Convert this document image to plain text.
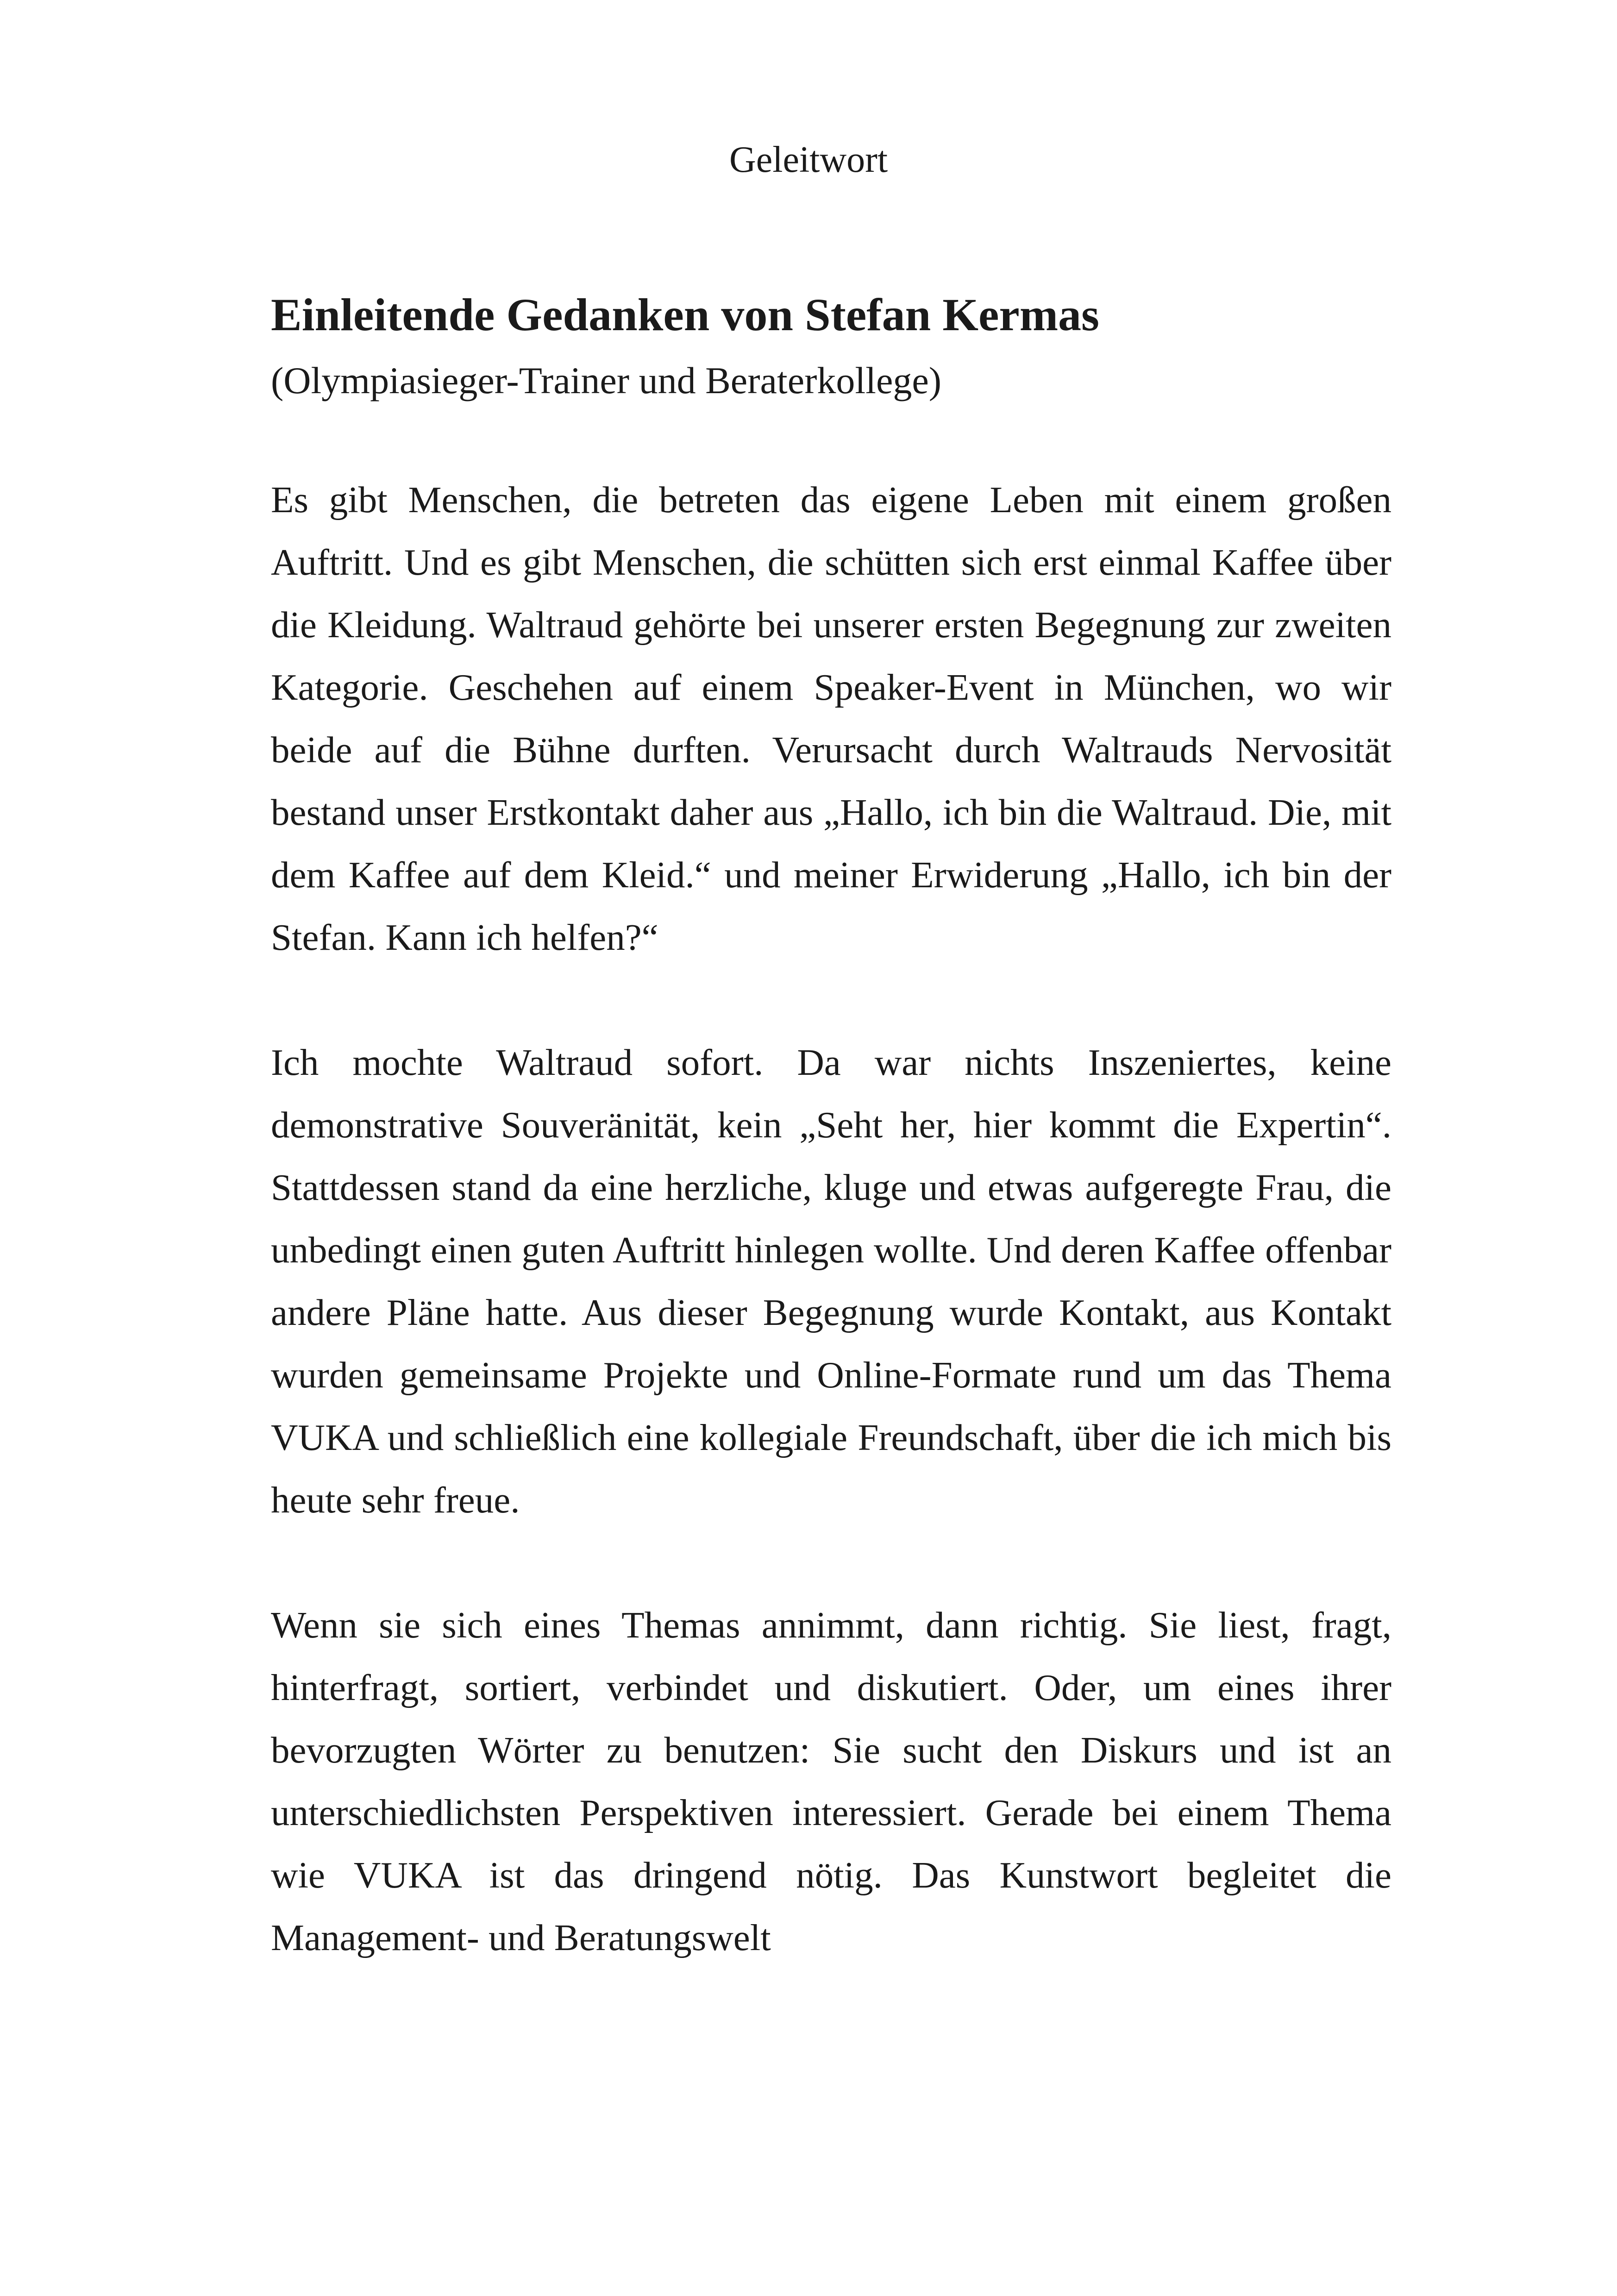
Geleitwort
Einleitende Gedanken von Stefan Kermas
(Olympiasieger-Trainer und Beraterkollege)

Es gibt Menschen, die betreten das eigene Leben mit einem großen Auftritt. Und es gibt Menschen, die schütten sich erst einmal Kaffee über die Kleidung. Waltraud gehörte bei unserer ersten Begegnung zur zweiten Kategorie. Geschehen auf einem Speaker-Event in München, wo wir beide auf die Bühne durften. Verursacht durch Waltrauds Nervosität bestand unser Erstkontakt daher aus „Hallo, ich bin die Waltraud. Die, mit dem Kaffee auf dem Kleid.“ und meiner Erwiderung „Hallo, ich bin der Stefan. Kann ich helfen?“

Ich mochte Waltraud sofort. Da war nichts Inszeniertes, keine demonstrative Souveränität, kein „Seht her, hier kommt die Expertin“. Stattdessen stand da eine herzliche, kluge und etwas aufgeregte Frau, die unbedingt einen guten Auftritt hinlegen wollte. Und deren Kaffee offenbar andere Pläne hatte. Aus dieser Begegnung wurde Kontakt, aus Kontakt wurden gemeinsame Projekte und Online-Formate rund um das Thema VUKA und schließlich eine kollegiale Freundschaft, über die ich mich bis heute sehr freue.

Wenn sie sich eines Themas annimmt, dann richtig. Sie liest, fragt, hinterfragt, sortiert, verbindet und diskutiert. Oder, um eines ihrer bevorzugten Wörter zu benutzen: Sie sucht den Diskurs und ist an unterschiedlichsten Perspektiven interessiert. Gerade bei einem Thema wie VUKA ist das dringend nötig. Das Kunstwort begleitet die Management- und Beratungswelt
